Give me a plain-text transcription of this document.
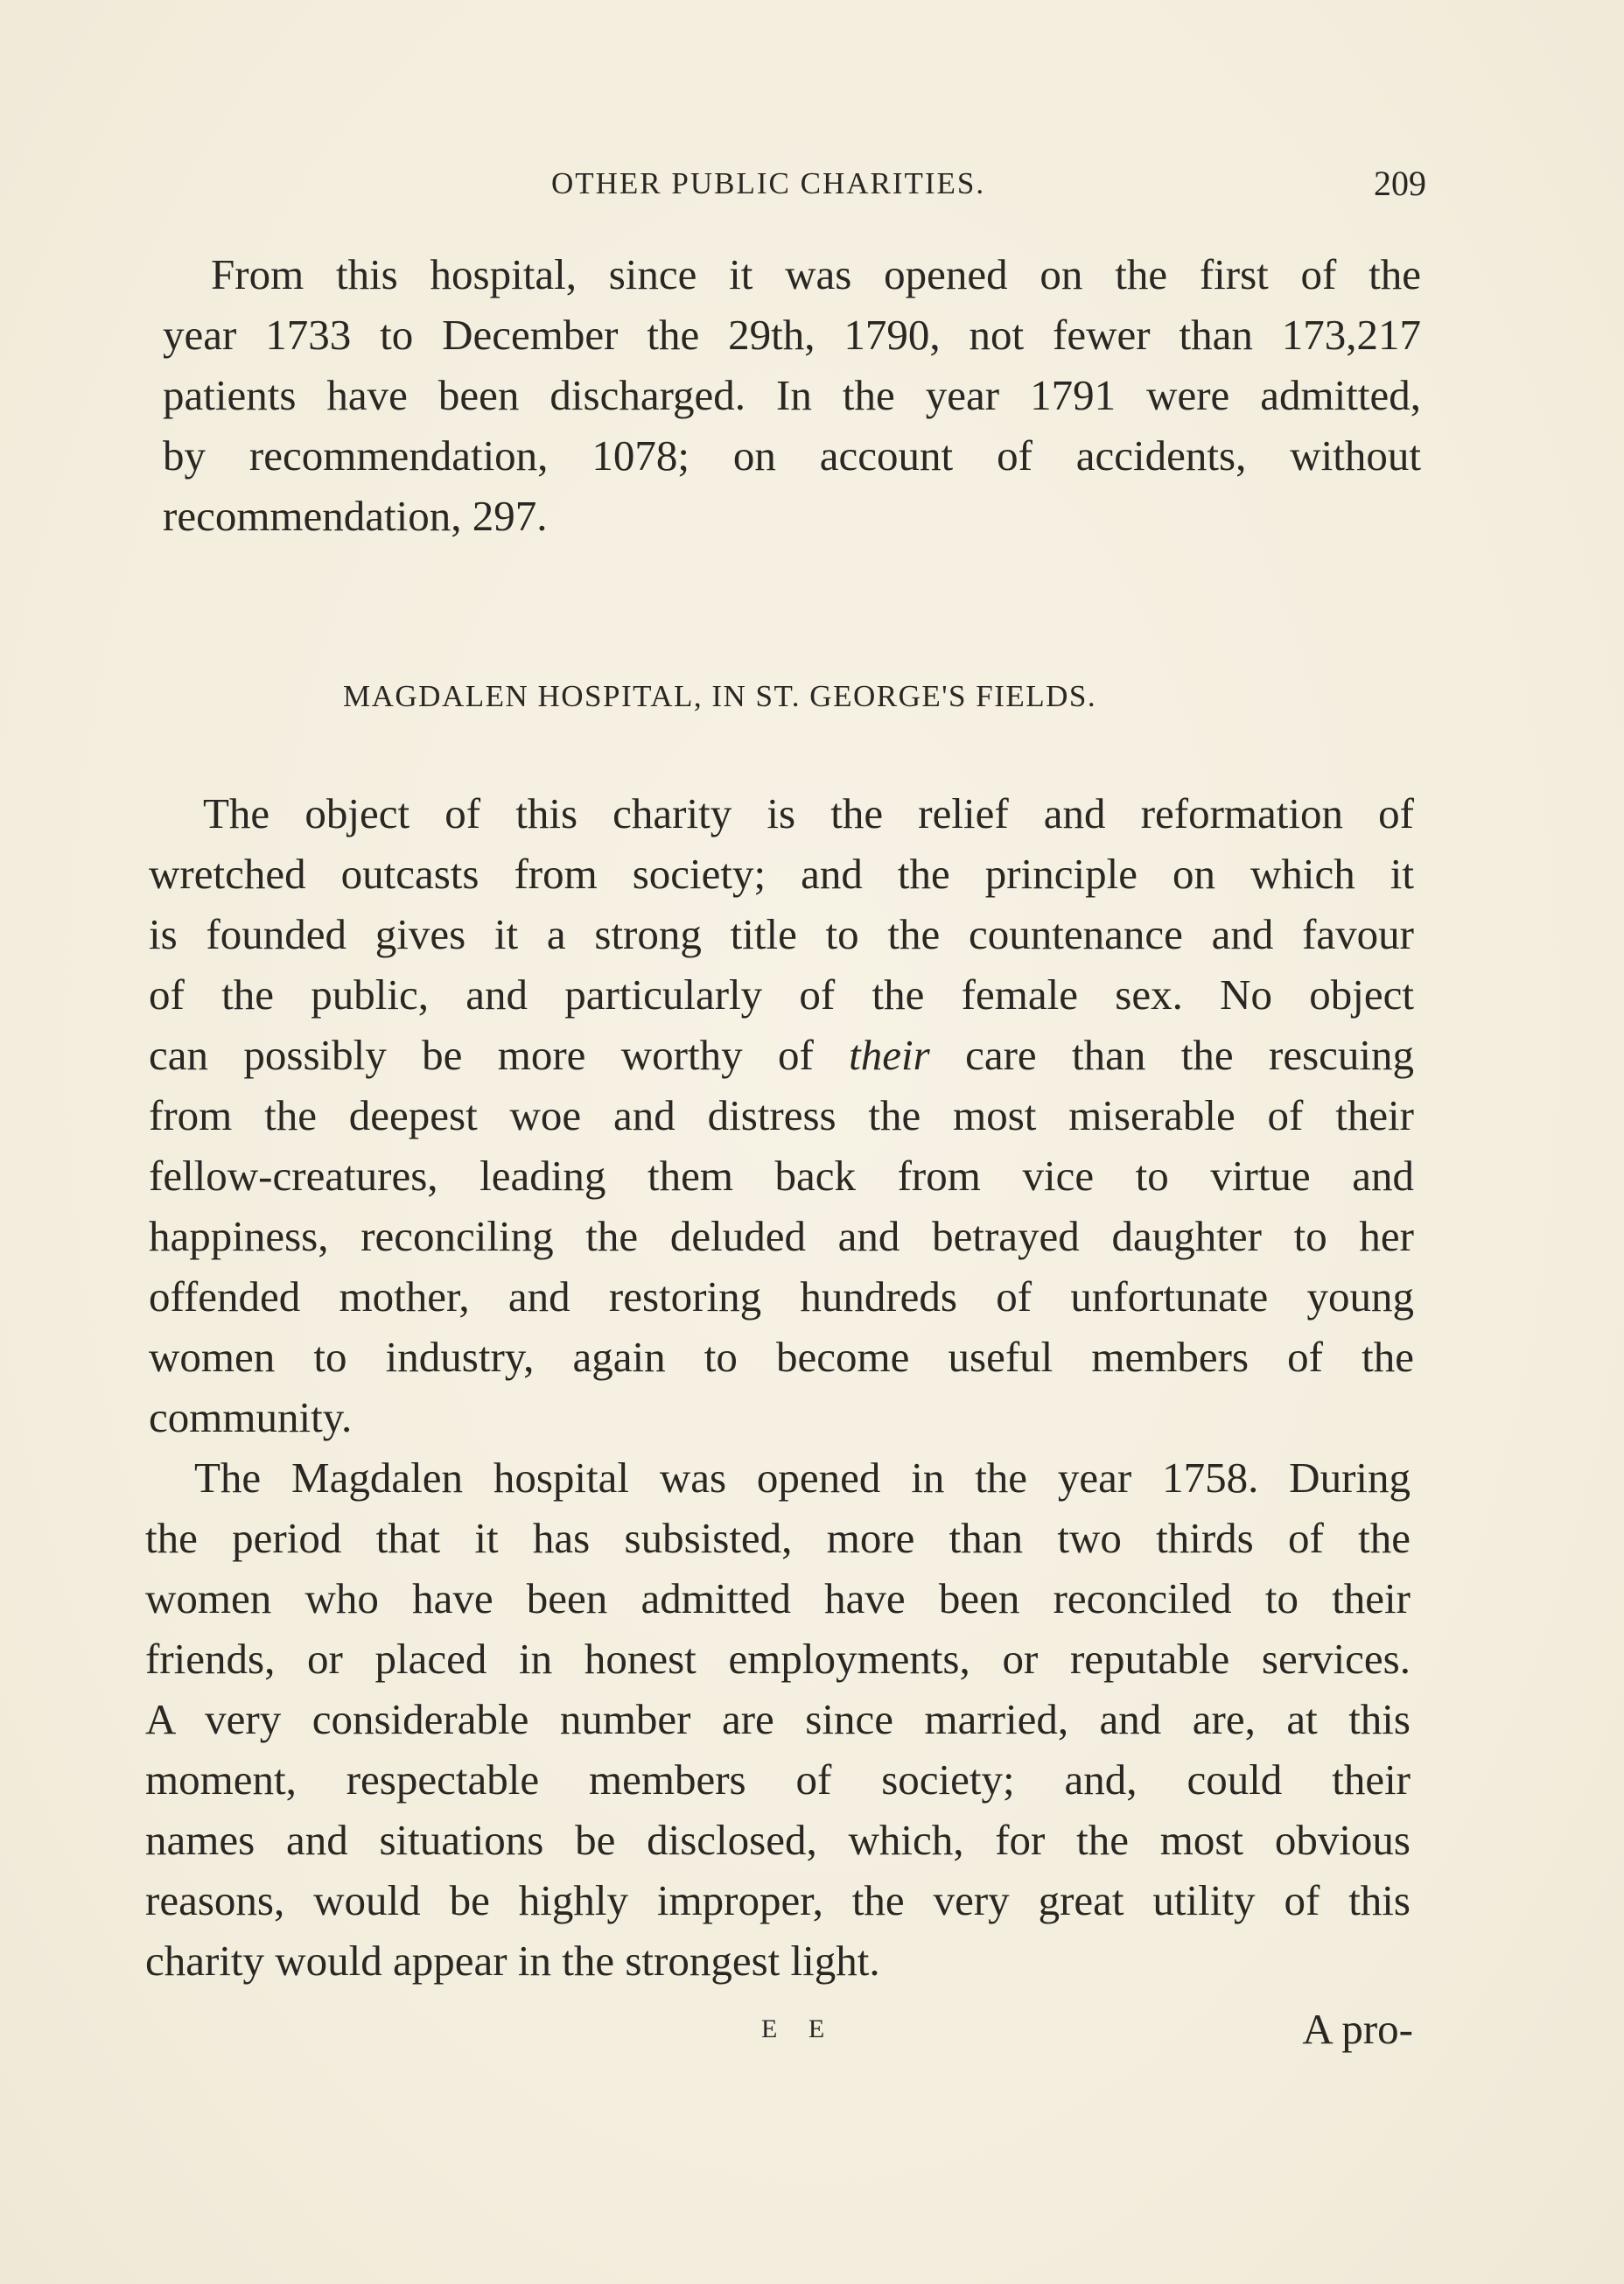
OTHER PUBLIC CHARITIES.	209
From this hospital, since it was opened on the first of the
year 1733 to December the 29th, 1790, not fewer than 173,217
patients have been discharged. In the year 1791 were admitted,
by recommendation, 1078; on account of accidents, without
recommendation, 297.
MAGDALEN HOSPITAL, IN ST. GEORGE'S FIELDS.
The object of this charity is the relief and reformation of
wretched outcasts from society; and the principle on which it
is founded gives it a strong title to the countenance and favour
of the public, and particularly of the female sex. No object
can possibly be more worthy of their care than the rescuing
from the deepest woe and distress the most miserable of their
fellow-creatures, leading them back from vice to virtue and
happiness, reconciling the deluded and betrayed daughter to her
offended mother, and restoring hundreds of unfortunate young
women to industry, again to become useful members of the
community.
The Magdalen hospital was opened in the year 1758. During
the period that it has subsisted, more than two thirds of the
women who have been admitted have been reconciled to their
friends, or placed in honest employments, or reputable services.
A very considerable number are since married, and are, at this
moment, respectable members of society; and, could their
names and situations be disclosed, which, for the most obvious
reasons, would be highly improper, the very great utility of this
charity would appear in the strongest light.
E E	A pro-
